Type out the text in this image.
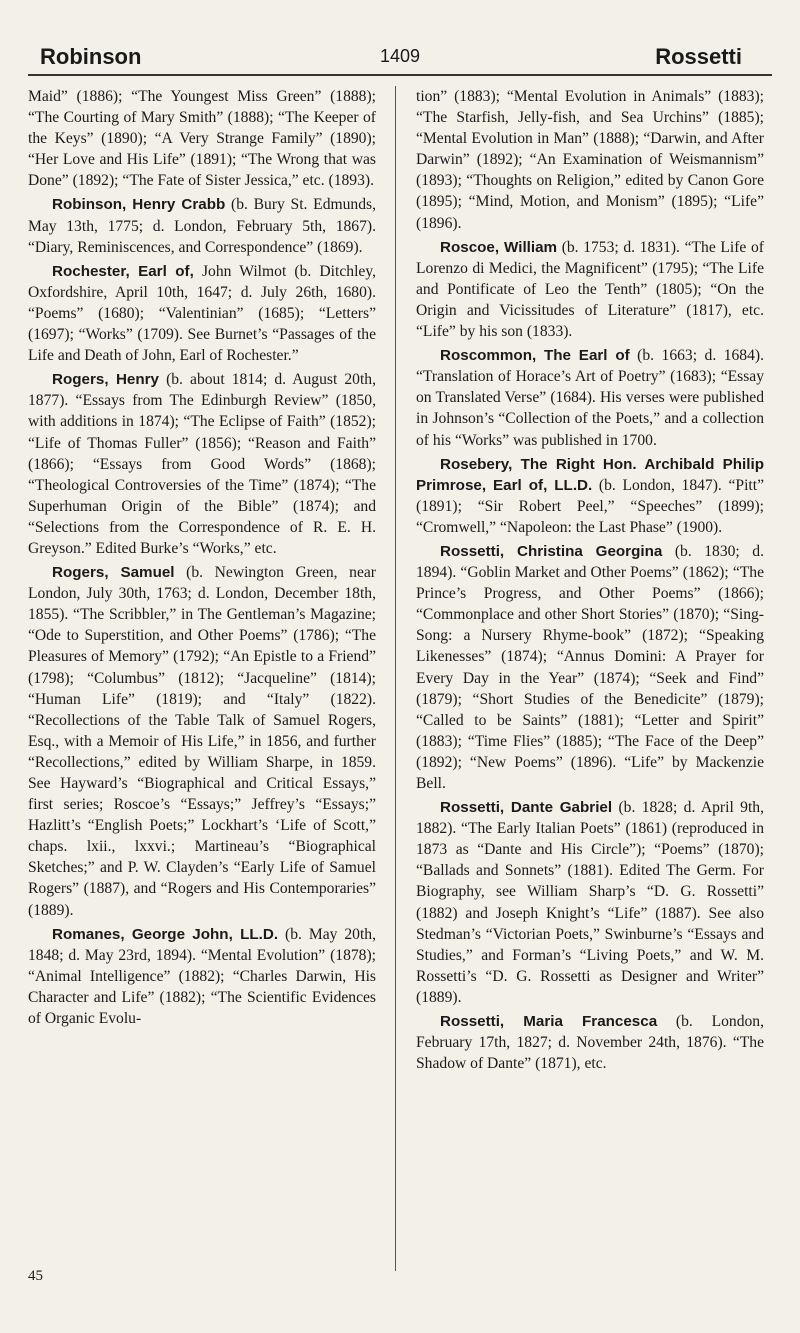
Robinson	1409	Rossetti

Maid” (1886); “The Youngest Miss Green” (1888); “The Courting of Mary Smith” (1888); “The Keeper of the Keys” (1890); “A Very Strange Family” (1890); “Her Love and His Life” (1891); “The Wrong that was Done” (1892); “The Fate of Sister Jessica,” etc. (1893).

Robinson, Henry Crabb (b. Bury St. Edmunds, May 13th, 1775; d. London, February 5th, 1867). “Diary, Reminiscences, and Correspondence” (1869).

Rochester, Earl of, John Wilmot (b. Ditchley, Oxfordshire, April 10th, 1647; d. July 26th, 1680). “Poems” (1680); “Valentinian” (1685); “Letters” (1697); “Works” (1709). See Burnet’s “Passages of the Life and Death of John, Earl of Rochester.”

Rogers, Henry (b. about 1814; d. August 20th, 1877). “Essays from The Edinburgh Review” (1850, with additions in 1874); “The Eclipse of Faith” (1852); “Life of Thomas Fuller” (1856); “Reason and Faith” (1866); “Essays from Good Words” (1868); “Theological Controversies of the Time” (1874); “The Superhuman Origin of the Bible” (1874); and “Selections from the Correspondence of R. E. H. Greyson.” Edited Burke’s “Works,” etc.

Rogers, Samuel (b. Newington Green, near London, July 30th, 1763; d. London, December 18th, 1855). “The Scribbler,” in The Gentleman’s Magazine; “Ode to Superstition, and Other Poems” (1786); “The Pleasures of Memory” (1792); “An Epistle to a Friend” (1798); “Columbus” (1812); “Jacqueline” (1814); “Human Life” (1819); and “Italy” (1822). “Recollections of the Table Talk of Samuel Rogers, Esq., with a Memoir of His Life,” in 1856, and further “Recollections,” edited by William Sharpe, in 1859. See Hayward’s “Biographical and Critical Essays,” first series; Roscoe’s “Essays;” Jeffrey’s “Essays;” Hazlitt’s “English Poets;” Lockhart’s ‘Life of Scott,” chaps. lxii., lxxvi.; Martineau’s “Biographical Sketches;” and P. W. Clayden’s “Early Life of Samuel Rogers” (1887), and “Rogers and His Contemporaries” (1889).

Romanes, George John, LL.D. (b. May 20th, 1848; d. May 23rd, 1894). “Mental Evolution” (1878); “Animal Intelligence” (1882); “Charles Darwin, His Character and Life” (1882); “The Scientific Evidences of Organic Evolu-

tion” (1883); “Mental Evolution in Animals” (1883); “The Starfish, Jelly-fish, and Sea Urchins” (1885); “Mental Evolution in Man” (1888); “Darwin, and After Darwin” (1892); “An Examination of Weismannism” (1893); “Thoughts on Religion,” edited by Canon Gore (1895); “Mind, Motion, and Monism” (1895); “Life” (1896).

Roscoe, William (b. 1753; d. 1831). “The Life of Lorenzo di Medici, the Magnificent” (1795); “The Life and Pontificate of Leo the Tenth” (1805); “On the Origin and Vicissitudes of Literature” (1817), etc. “Life” by his son (1833).

Roscommon, The Earl of (b. 1663; d. 1684). “Translation of Horace’s Art of Poetry” (1683); “Essay on Translated Verse” (1684). His verses were published in Johnson’s “Collection of the Poets,” and a collection of his “Works” was published in 1700.

Rosebery, The Right Hon. Archibald Philip Primrose, Earl of, LL.D. (b. London, 1847). “Pitt” (1891); “Sir Robert Peel,” “Speeches” (1899); “Cromwell,” “Napoleon: the Last Phase” (1900).

Rossetti, Christina Georgina (b. 1830; d. 1894). “Goblin Market and Other Poems” (1862); “The Prince’s Progress, and Other Poems” (1866); “Commonplace and other Short Stories” (1870); “Sing-Song: a Nursery Rhyme-book” (1872); “Speaking Likenesses” (1874); “Annus Domini: A Prayer for Every Day in the Year” (1874); “Seek and Find” (1879); “Short Studies of the Benedicite” (1879); “Called to be Saints” (1881); “Letter and Spirit” (1883); “Time Flies” (1885); “The Face of the Deep” (1892); “New Poems” (1896). “Life” by Mackenzie Bell.

Rossetti, Dante Gabriel (b. 1828; d. April 9th, 1882). “The Early Italian Poets” (1861) (reproduced in 1873 as “Dante and His Circle”); “Poems” (1870); “Ballads and Sonnets” (1881). Edited The Germ. For Biography, see William Sharp’s “D. G. Rossetti” (1882) and Joseph Knight’s “Life” (1887). See also Stedman’s “Victorian Poets,” Swinburne’s “Essays and Studies,” and Forman’s “Living Poets,” and W. M. Rossetti’s “D. G. Rossetti as Designer and Writer” (1889).

Rossetti, Maria Francesca (b. London, February 17th, 1827; d. November 24th, 1876). “The Shadow of Dante” (1871), etc.

45
